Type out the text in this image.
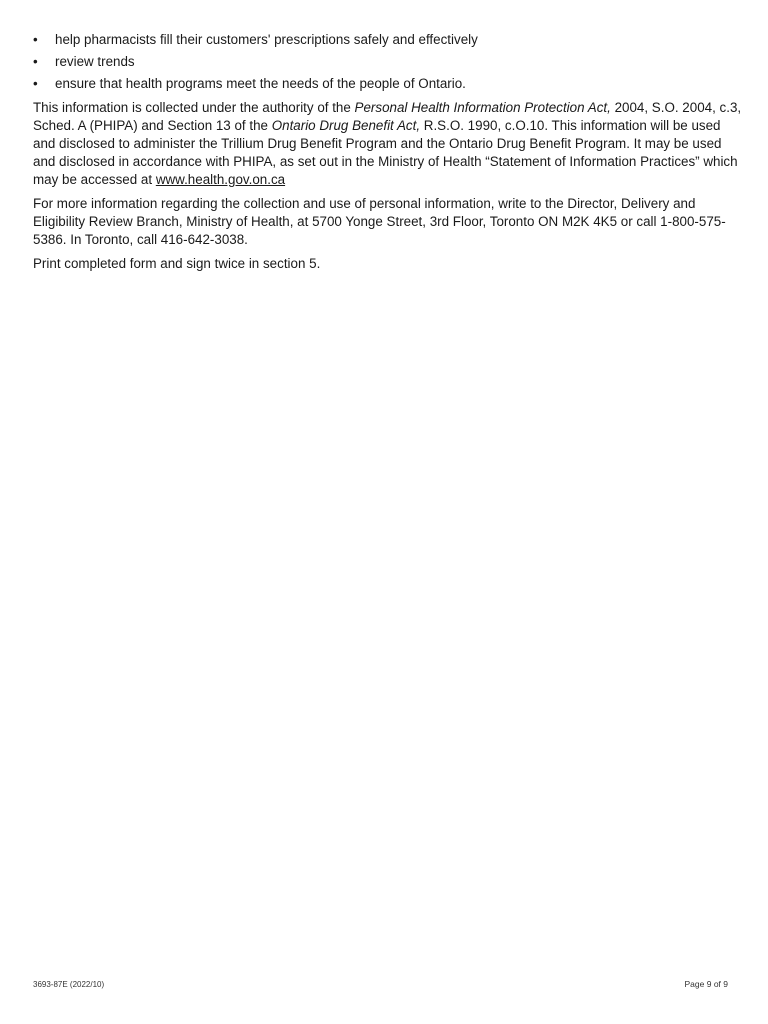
• help pharmacists fill their customers' prescriptions safely and effectively
• review trends
• ensure that health programs meet the needs of the people of Ontario.

This information is collected under the authority of the Personal Health Information Protection Act, 2004, S.O. 2004, c.3, Sched. A (PHIPA) and Section 13 of the Ontario Drug Benefit Act, R.S.O. 1990, c.O.10. This information will be used and disclosed to administer the Trillium Drug Benefit Program and the Ontario Drug Benefit Program. It may be used and disclosed in accordance with PHIPA, as set out in the Ministry of Health “Statement of Information Practices” which may be accessed at www.health.gov.on.ca

For more information regarding the collection and use of personal information, write to the Director, Delivery and Eligibility Review Branch, Ministry of Health, at 5700 Yonge Street, 3rd Floor, Toronto ON M2K 4K5 or call 1-800-575-5386. In Toronto, call 416-642-3038.

Print completed form and sign twice in section 5.

3693-87E (2022/10)	Page 9 of 9
